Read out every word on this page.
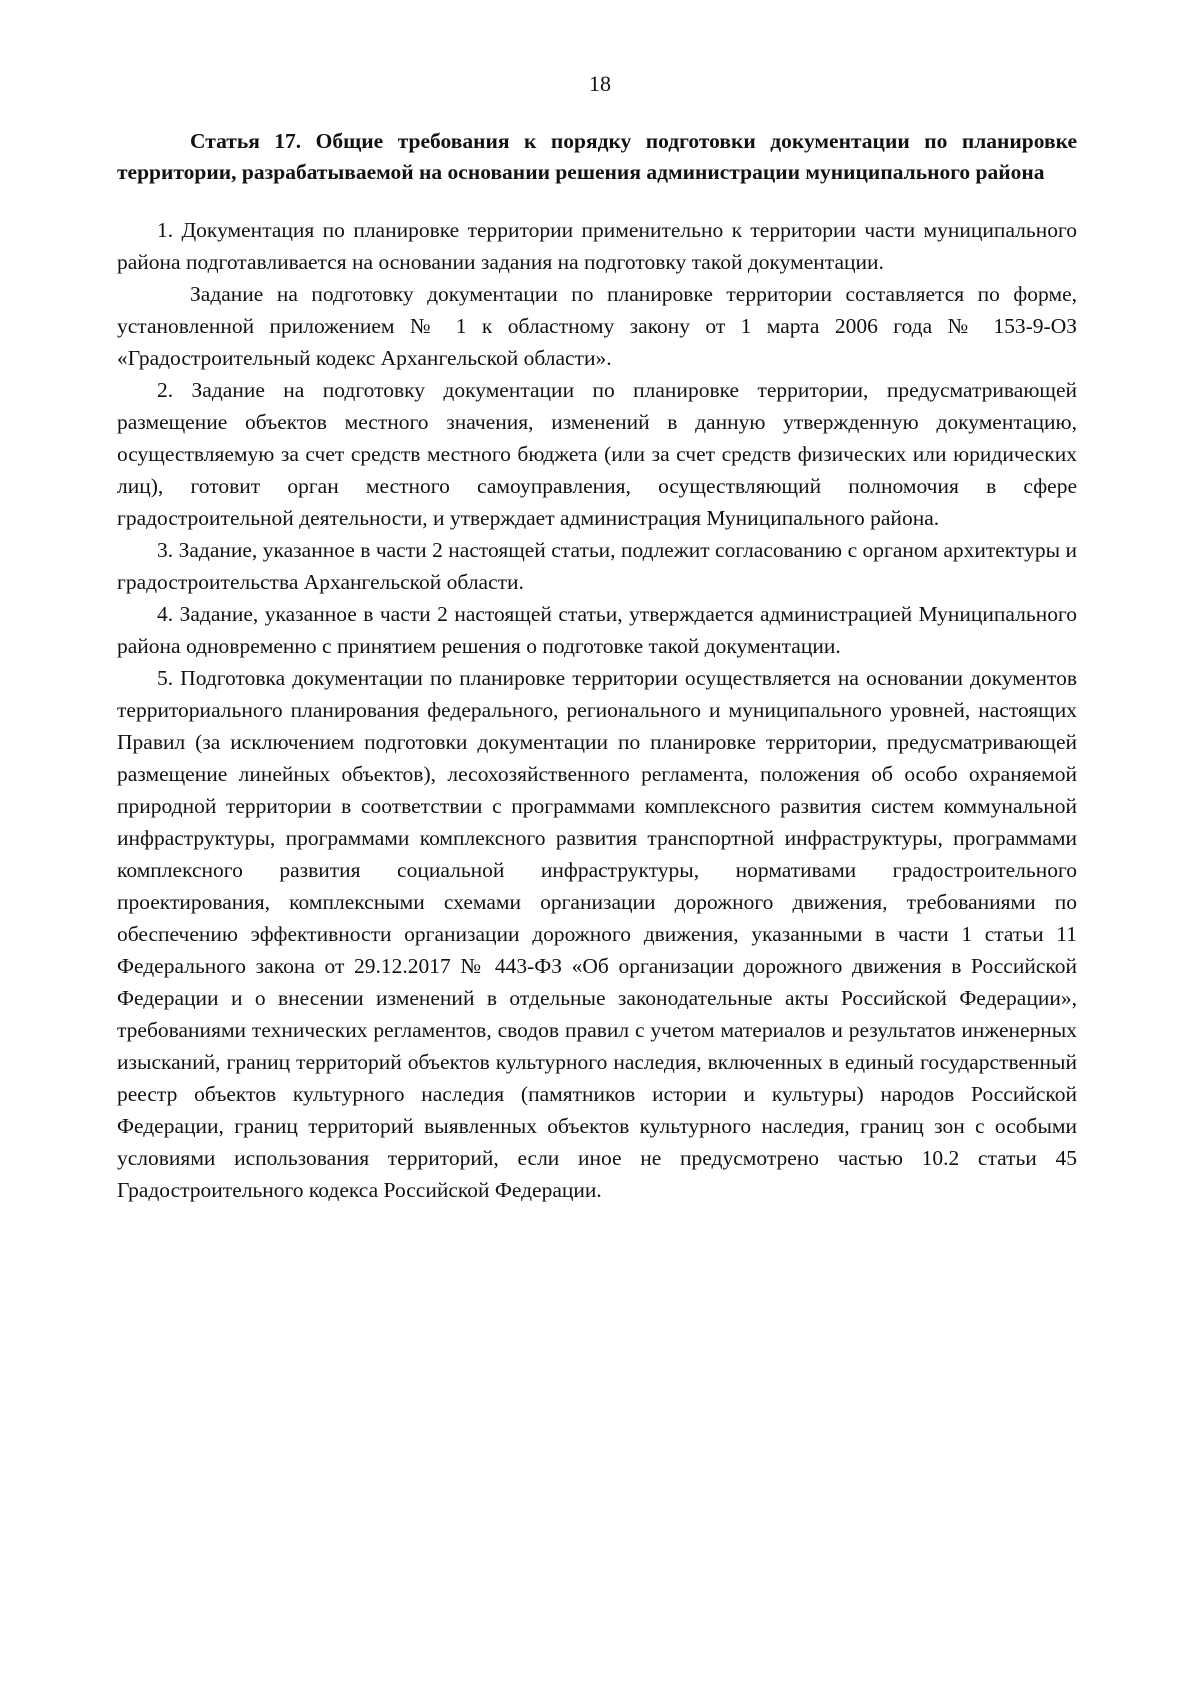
18

Статья 17. Общие требования к порядку подготовки документации по планировке территории, разрабатываемой на основании решения администрации муниципального района

1. Документация по планировке территории применительно к территории части муниципального района подготавливается на основании задания на подготовку такой документации.

Задание на подготовку документации по планировке территории составляется по форме, установленной приложением № 1 к областному закону от 1 марта 2006 года № 153-9-ОЗ «Градостроительный кодекс Архангельской области».

2. Задание на подготовку документации по планировке территории, предусматривающей размещение объектов местного значения, изменений в данную утвержденную документацию, осуществляемую за счет средств местного бюджета (или за счет средств физических или юридических лиц), готовит орган местного самоуправления, осуществляющий полномочия в сфере градостроительной деятельности, и утверждает администрация Муниципального района.

3. Задание, указанное в части 2 настоящей статьи, подлежит согласованию с органом архитектуры и градостроительства Архангельской области.

4. Задание, указанное в части 2 настоящей статьи, утверждается администрацией Муниципального района одновременно с принятием решения о подготовке такой документации.

5. Подготовка документации по планировке территории осуществляется на основании документов территориального планирования федерального, регионального и муниципального уровней, настоящих Правил (за исключением подготовки документации по планировке территории, предусматривающей размещение линейных объектов), лесохозяйственного регламента, положения об особо охраняемой природной территории в соответствии с программами комплексного развития систем коммунальной инфраструктуры, программами комплексного развития транспортной инфраструктуры, программами комплексного развития социальной инфраструктуры, нормативами градостроительного проектирования, комплексными схемами организации дорожного движения, требованиями по обеспечению эффективности организации дорожного движения, указанными в части 1 статьи 11 Федерального закона от 29.12.2017 № 443-ФЗ «Об организации дорожного движения в Российской Федерации и о внесении изменений в отдельные законодательные акты Российской Федерации», требованиями технических регламентов, сводов правил с учетом материалов и результатов инженерных изысканий, границ территорий объектов культурного наследия, включенных в единый государственный реестр объектов культурного наследия (памятников истории и культуры) народов Российской Федерации, границ территорий выявленных объектов культурного наследия, границ зон с особыми условиями использования территорий, если иное не предусмотрено частью 10.2 статьи 45 Градостроительного кодекса Российской Федерации.
